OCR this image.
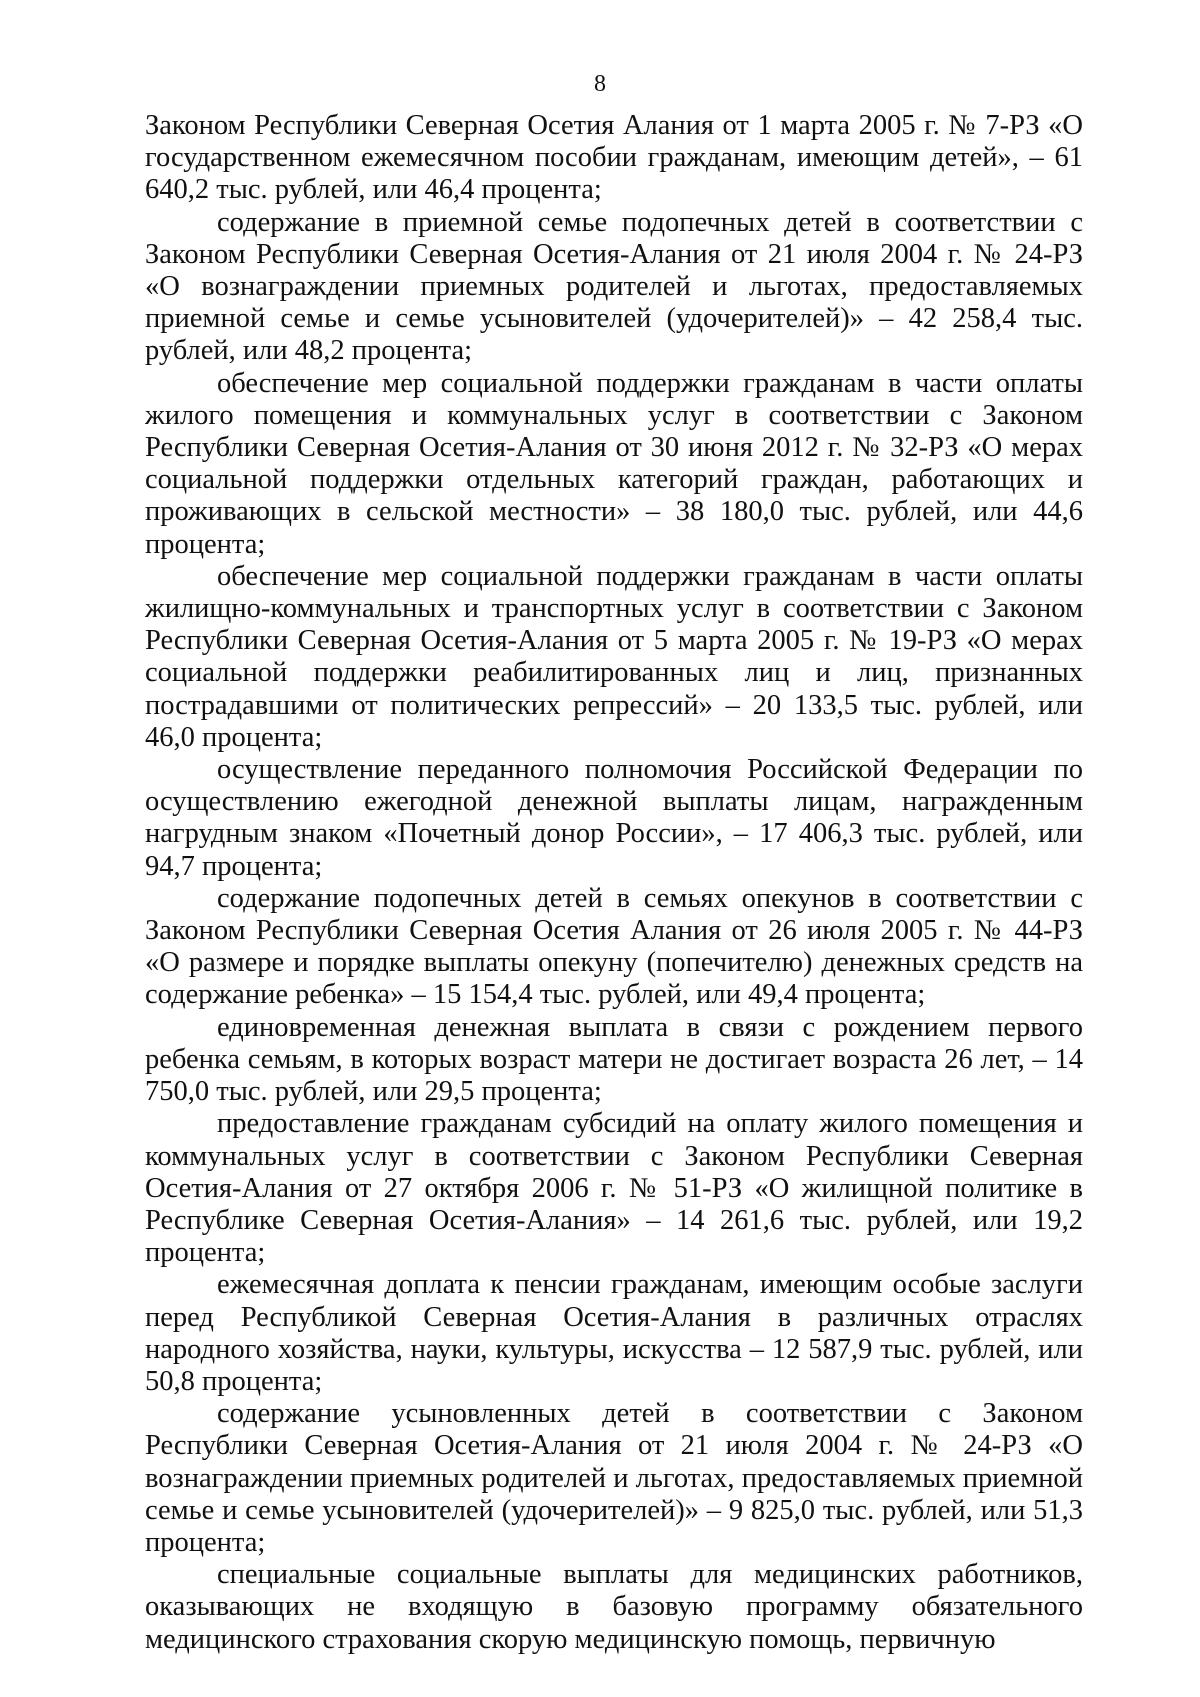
8

Законом Республики Северная Осетия Алания от 1 марта 2005 г. № 7-РЗ «О государственном ежемесячном пособии гражданам, имеющим детей», – 61 640,2 тыс. рублей, или 46,4 процента;

содержание в приемной семье подопечных детей в соответствии с Законом Республики Северная Осетия-Алания от 21 июля 2004 г. № 24-РЗ «О вознаграждении приемных родителей и льготах, предоставляемых приемной семье и семье усыновителей (удочерителей)» – 42 258,4 тыс. рублей, или 48,2 процента;

обеспечение мер социальной поддержки гражданам в части оплаты жилого помещения и коммунальных услуг в соответствии с Законом Республики Северная Осетия-Алания от 30 июня 2012 г. № 32-РЗ «О мерах социальной поддержки отдельных категорий граждан, работающих и проживающих в сельской местности» – 38 180,0 тыс. рублей, или 44,6 процента;

обеспечение мер социальной поддержки гражданам в части оплаты жилищно-коммунальных и транспортных услуг в соответствии с Законом Республики Северная Осетия-Алания от 5 марта 2005 г. № 19-РЗ «О мерах социальной поддержки реабилитированных лиц и лиц, признанных пострадавшими от политических репрессий» – 20 133,5 тыс. рублей, или 46,0 процента;

осуществление переданного полномочия Российской Федерации по осуществлению ежегодной денежной выплаты лицам, награжденным нагрудным знаком «Почетный донор России», – 17 406,3 тыс. рублей, или 94,7 процента;

содержание подопечных детей в семьях опекунов в соответствии с Законом Республики Северная Осетия Алания от 26 июля 2005 г. № 44-РЗ «О размере и порядке выплаты опекуну (попечителю) денежных средств на содержание ребенка» – 15 154,4 тыс. рублей, или 49,4 процента;

единовременная денежная выплата в связи с рождением первого ребенка семьям, в которых возраст матери не достигает возраста 26 лет, – 14 750,0 тыс. рублей, или 29,5 процента;

предоставление гражданам субсидий на оплату жилого помещения и коммунальных услуг в соответствии с Законом Республики Северная Осетия-Алания от 27 октября 2006 г. № 51-РЗ «О жилищной политике в Республике Северная Осетия-Алания» – 14 261,6 тыс. рублей, или 19,2 процента;

ежемесячная доплата к пенсии гражданам, имеющим особые заслуги перед Республикой Северная Осетия-Алания в различных отраслях народного хозяйства, науки, культуры, искусства – 12 587,9 тыс. рублей, или 50,8 процента;

содержание усыновленных детей в соответствии с Законом Республики Северная Осетия-Алания от 21 июля 2004 г. № 24-РЗ «О вознаграждении приемных родителей и льготах, предоставляемых приемной семье и семье усыновителей (удочерителей)» – 9 825,0 тыс. рублей, или 51,3 процента;

специальные социальные выплаты для медицинских работников, оказывающих не входящую в базовую программу обязательного медицинского страхования скорую медицинскую помощь, первичную
